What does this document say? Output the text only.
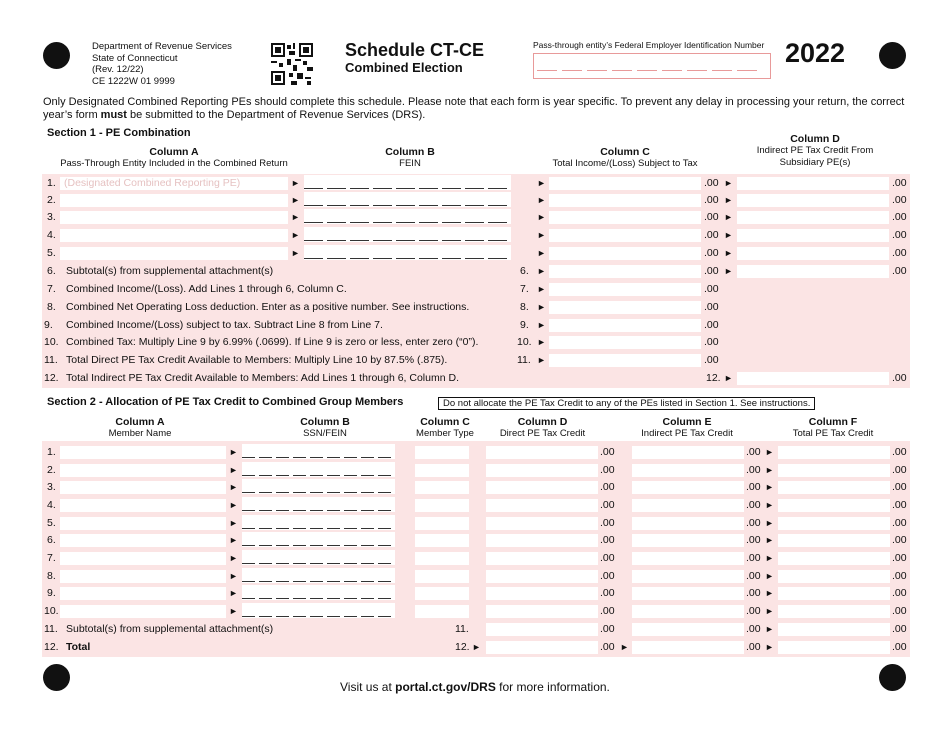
Department of Revenue Services
State of Connecticut
(Rev. 12/22)
CE 1222W 01 9999
Schedule CT-CE
Combined Election
Pass-through entity’s Federal Employer Identification Number 2022
Only Designated Combined Reporting PEs should complete this schedule. Please note that each form is year specific. To prevent any delay in processing your return, the correct
year’s form must be submitted to the Department of Revenue Services (DRS).
Section 1 - PE Combination
Column A
Pass-Through Entity Included in the Combined Return
Column B
FEIN
Column C
Total Income/(Loss) Subject to Tax
Column D
Indirect PE Tax Credit From
Subsidiary PE(s)
1. (Designated Combined Reporting PE)	►	►	.00 ►	.00
2.	►	►	.00 ►	.00
3.	►	►	.00 ►	.00
4.	►	►	.00 ►	.00
5.	►	►	.00 ►	.00
6. Subtotal(s) from supplemental attachment(s)	6. ►	.00 ►	.00
7. Combined Income/(Loss). Add Lines 1 through 6, Column C.	7. ►	.00
8. Combined Net Operating Loss deduction. Enter as a positive number. See instructions.	8. ►	.00
9. Combined Income/(Loss) subject to tax. Subtract Line 8 from Line 7.	9. ►	.00
10. Combined Tax: Multiply Line 9 by 6.99% (.0699). If Line 9 is zero or less, enter zero (“0”).	10. ►	.00
11. Total Direct PE Tax Credit Available to Members: Multiply Line 10 by 87.5% (.875).	11. ►	.00
12. Total Indirect PE Tax Credit Available to Members: Add Lines 1 through 6, Column D.	12. ►	.00
Section 2 - Allocation of PE Tax Credit to Combined Group Members	Do not allocate the PE Tax Credit to any of the PEs listed in Section 1. See instructions.
Column A
Member Name
Column B
SSN/FEIN
Column C
Member Type
Column D
Direct PE Tax Credit
Column E
Indirect PE Tax Credit
Column F
Total PE Tax Credit
1.	►	.00	.00 ►	.00
2.	►	.00	.00 ►	.00
3.	►	.00	.00 ►	.00
4.	►	.00	.00 ►	.00
5.	►	.00	.00 ►	.00
6.	►	.00	.00 ►	.00
7.	►	.00	.00 ►	.00
8.	►	.00	.00 ►	.00
9.	►	.00	.00 ►	.00
10.	►	.00	.00 ►	.00
11. Subtotal(s) from supplemental attachment(s)	11.	.00	.00 ►	.00
12. Total	12. ►	.00 ►	.00 ►	.00
Visit us at portal.ct.gov/DRS for more information.
